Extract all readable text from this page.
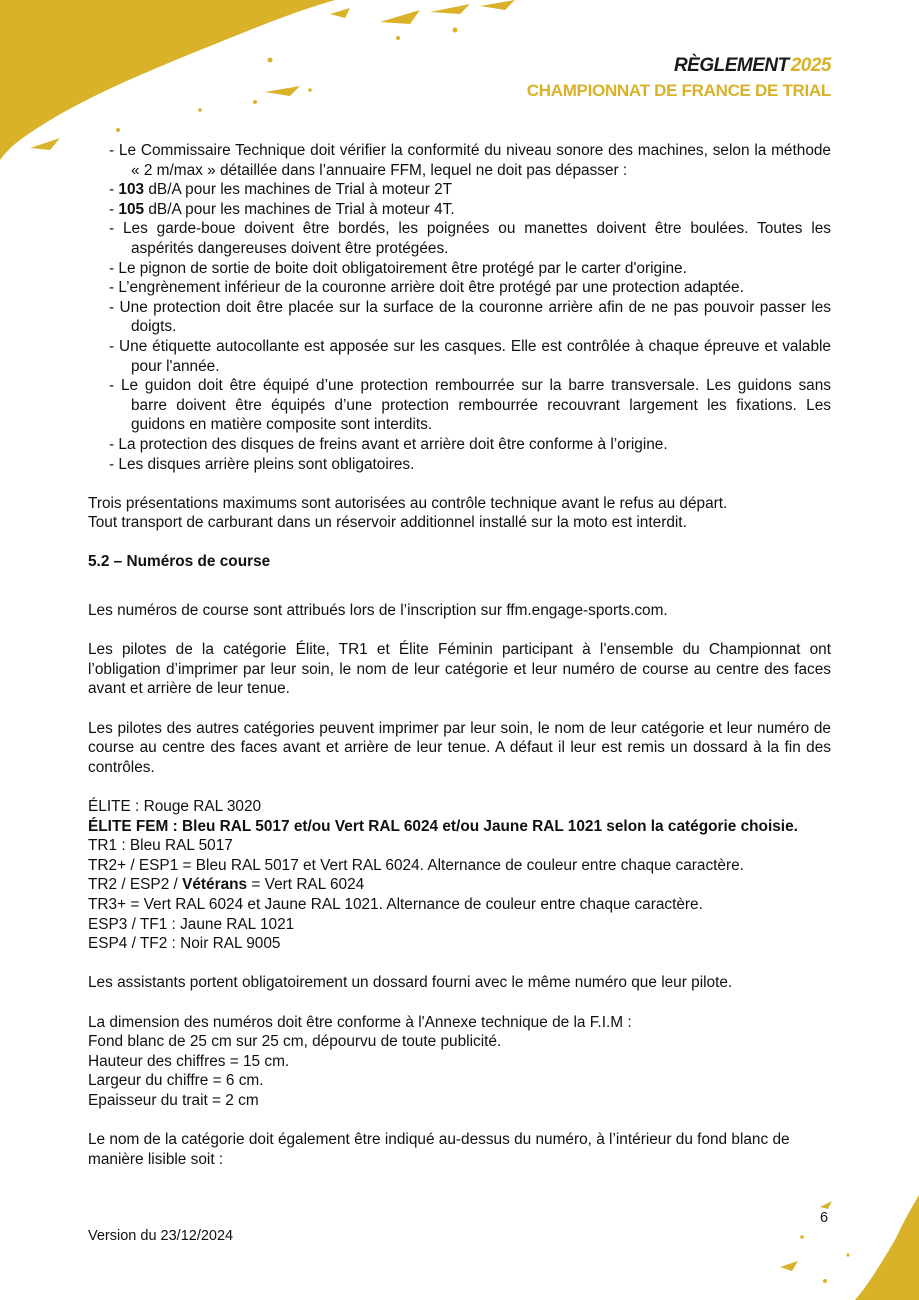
RÈGLEMENT 2025
CHAMPIONNAT DE FRANCE DE TRIAL
- Le Commissaire Technique doit vérifier la conformité du niveau sonore des machines, selon la méthode « 2 m/max » détaillée dans l’annuaire FFM, lequel ne doit pas dépasser :
- 103 dB/A pour les machines de Trial à moteur 2T
- 105 dB/A pour les machines de Trial à moteur 4T.
- Les garde-boue doivent être bordés, les poignées ou manettes doivent être boulées. Toutes les aspérités dangereuses doivent être protégées.
- Le pignon de sortie de boite doit obligatoirement être protégé par le carter d'origine.
- L’engrènement inférieur de la couronne arrière doit être protégé par une protection adaptée.
- Une protection doit être placée sur la surface de la couronne arrière afin de ne pas pouvoir passer les doigts.
- Une étiquette autocollante est apposée sur les casques. Elle est contrôlée à chaque épreuve et valable pour l'année.
- Le guidon doit être équipé d’une protection rembourrée sur la barre transversale. Les guidons sans barre doivent être équipés d’une protection rembourrée recouvrant largement les fixations. Les guidons en matière composite sont interdits.
- La protection des disques de freins avant et arrière doit être conforme à l’origine.
- Les disques arrière pleins sont obligatoires.

Trois présentations maximums sont autorisées au contrôle technique avant le refus au départ.

Tout transport de carburant dans un réservoir additionnel installé sur la moto est interdit.

5.2 – Numéros de course

Les numéros de course sont attribués lors de l’inscription sur ffm.engage-sports.com.

Les pilotes de la catégorie Élite, TR1 et Élite Féminin participant à l’ensemble du Championnat ont l’obligation d’imprimer par leur soin, le nom de leur catégorie et leur numéro de course au centre des faces avant et arrière de leur tenue.

Les pilotes des autres catégories peuvent imprimer par leur soin, le nom de leur catégorie et leur numéro de course au centre des faces avant et arrière de leur tenue. A défaut il leur est remis un dossard à la fin des contrôles.

ÉLITE : Rouge RAL 3020

ÉLITE FEM : Bleu RAL 5017 et/ou Vert RAL 6024 et/ou Jaune RAL 1021 selon la catégorie choisie.

TR1 : Bleu RAL 5017

TR2+ / ESP1 = Bleu RAL 5017 et Vert RAL 6024. Alternance de couleur entre chaque caractère.

TR2 / ESP2 / Vétérans = Vert RAL 6024

TR3+ = Vert RAL 6024 et Jaune RAL 1021. Alternance de couleur entre chaque caractère.

ESP3 / TF1 : Jaune RAL 1021

ESP4 / TF2 : Noir RAL 9005

Les assistants portent obligatoirement un dossard fourni avec le même numéro que leur pilote.

La dimension des numéros doit être conforme à l'Annexe technique de la F.I.M :

Fond blanc de 25 cm sur 25 cm, dépourvu de toute publicité.

Hauteur des chiffres = 15 cm.

Largeur du chiffre = 6 cm.

Epaisseur du trait = 2 cm

Le nom de la catégorie doit également être indiqué au-dessus du numéro, à l’intérieur du fond blanc de manière lisible soit :

Version du 23/12/2024
6
